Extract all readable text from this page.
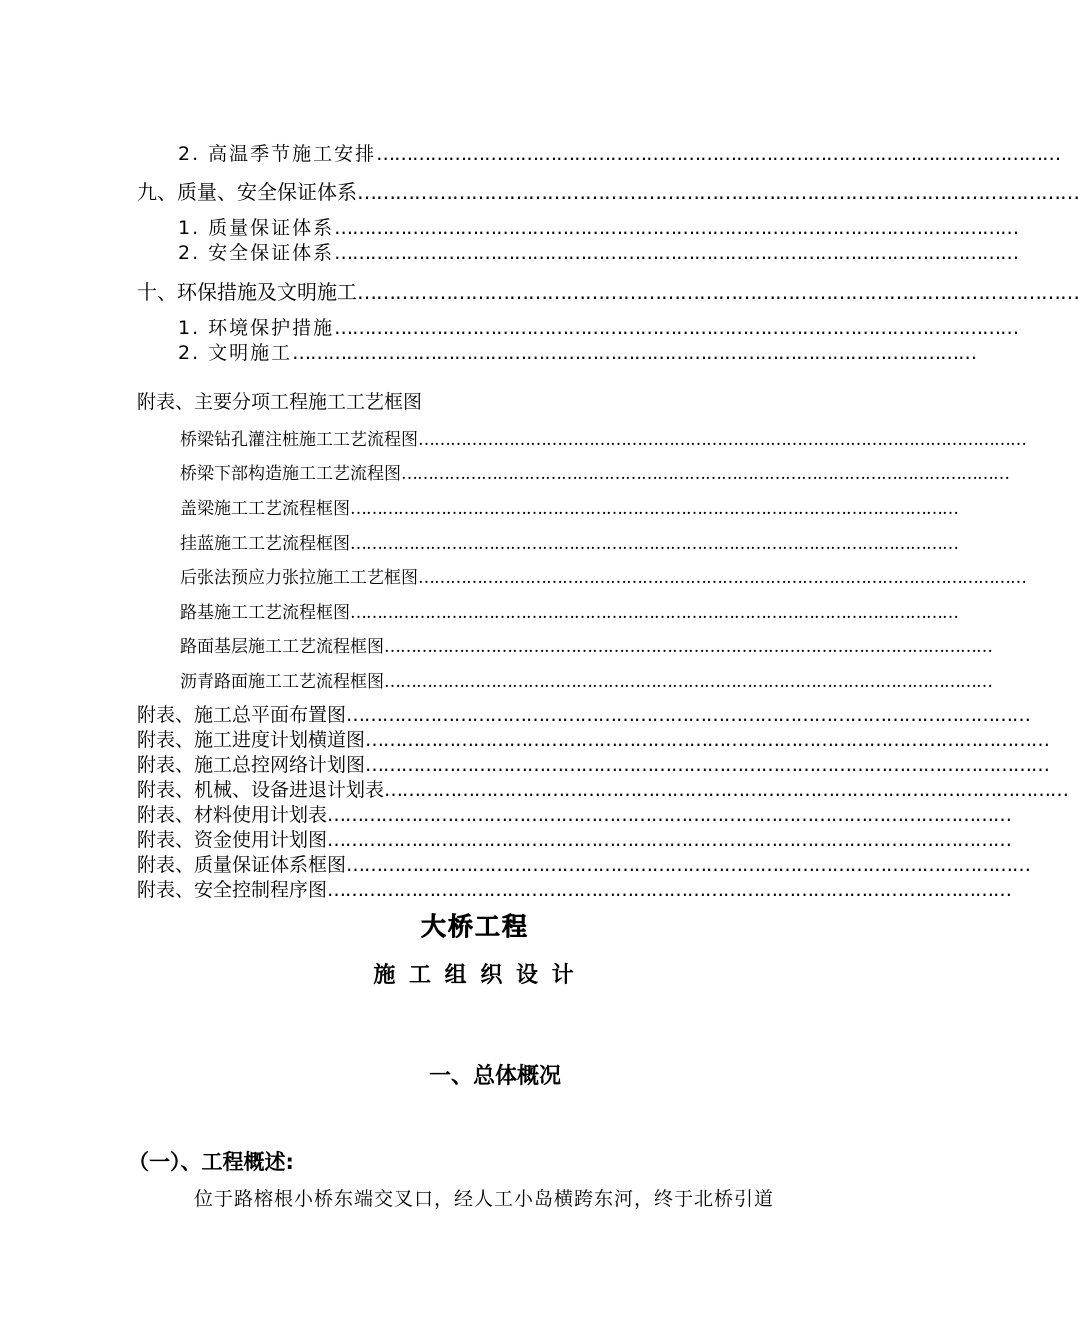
2. 高温季节施工安排 ……………………………………………………………………………………………………
九、质量、安全保证体系 ……………………………………………………………………………………………………
1. 质量保证体系 ……………………………………………………………………………………………………
2. 安全保证体系 ……………………………………………………………………………………………………
十、环保措施及文明施工 ……………………………………………………………………………………………………
1. 环境保护措施 ……………………………………………………………………………………………………
2. 文明施工 ……………………………………………………………………………………………………
附表、主要分项工程施工工艺框图
桥梁钻孔灌注桩施工工艺流程图 ……………………………………………………………………………………………………
桥梁下部构造施工工艺流程图 ……………………………………………………………………………………………………
盖梁施工工艺流程框图 ……………………………………………………………………………………………………
挂蓝施工工艺流程框图 ……………………………………………………………………………………………………
后张法预应力张拉施工工艺框图 ……………………………………………………………………………………………………
路基施工工艺流程框图 ……………………………………………………………………………………………………
路面基层施工工艺流程框图 ……………………………………………………………………………………………………
沥青路面施工工艺流程框图 ……………………………………………………………………………………………………
附表、施工总平面布置图 ……………………………………………………………………………………………………
附表、施工进度计划横道图 ……………………………………………………………………………………………………
附表、施工总控网络计划图 ……………………………………………………………………………………………………
附表、机械、设备进退计划表 ……………………………………………………………………………………………………
附表、材料使用计划表 ……………………………………………………………………………………………………
附表、资金使用计划图 ……………………………………………………………………………………………………
附表、质量保证体系框图 ……………………………………………………………………………………………………
附表、安全控制程序图 ……………………………………………………………………………………………………
大桥工程
施 工 组 织 设 计
一、总体概况
（一）、工程概述:
位于路榕根小桥东端交叉口，经人工小岛横跨东河，终于北桥引道
